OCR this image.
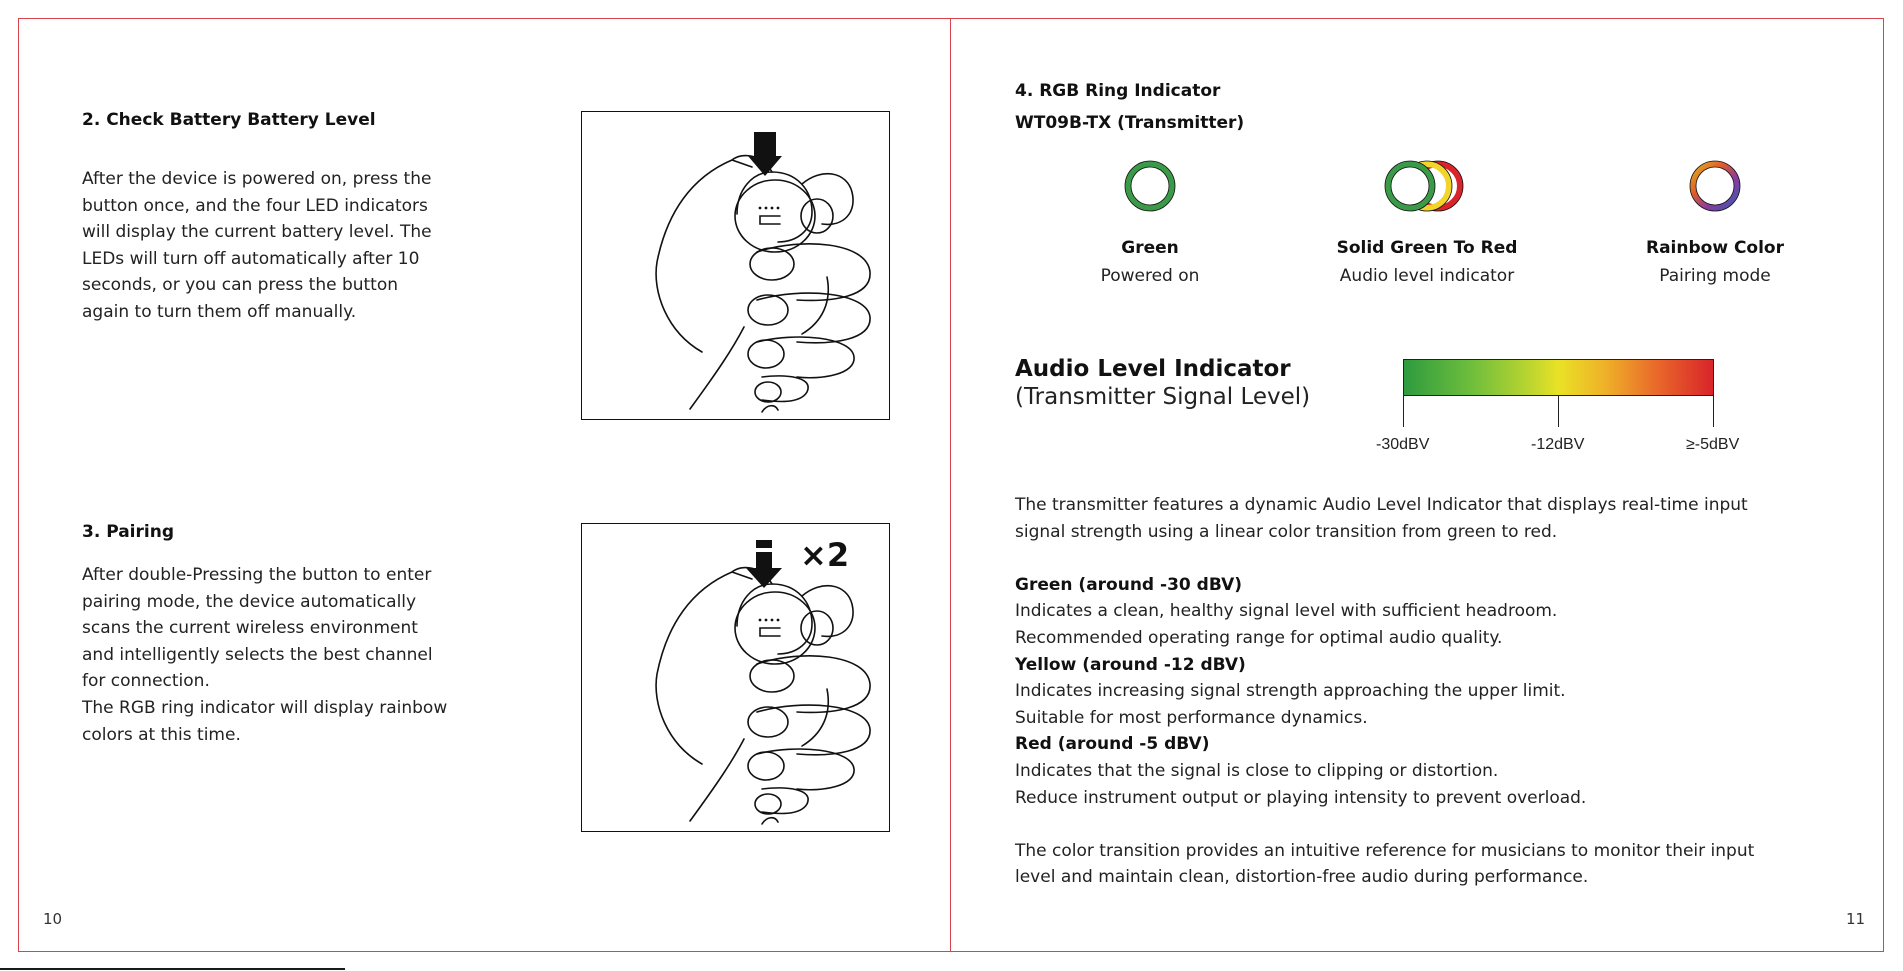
2. Check Battery Battery Level

After the device is powered on, press the

button once, and the four LED indicators

will display the current battery level. The

LEDs will turn off automatically after 10

seconds, or you can press the button

again to turn them off manually.

3. Pairing

After double-Pressing the button to enter

pairing mode, the device automatically

scans the current wireless environment

and intelligently selects the best channel

for connection.

The RGB ring indicator will display rainbow

colors at this time.

×2
10
4. RGB Ring Indicator
WT09B-TX (Transmitter)
Green
Powered on
Solid Green To Red
Audio level indicator
Rainbow Color
Pairing mode
Audio Level Indicator
(Transmitter Signal Level)
-30dBV	-12dBV	≥-5dBV

The transmitter features a dynamic Audio Level Indicator that displays real-time input

signal strength using a linear color transition from green to red.

Green (around -30 dBV)

Indicates a clean, healthy signal level with sufficient headroom.

Recommended operating range for optimal audio quality.

Yellow (around -12 dBV)

Indicates increasing signal strength approaching the upper limit.

Suitable for most performance dynamics.

Red (around -5 dBV)

Indicates that the signal is close to clipping or distortion.

Reduce instrument output or playing intensity to prevent overload.

The color transition provides an intuitive reference for musicians to monitor their input

level and maintain clean, distortion-free audio during performance.

11
